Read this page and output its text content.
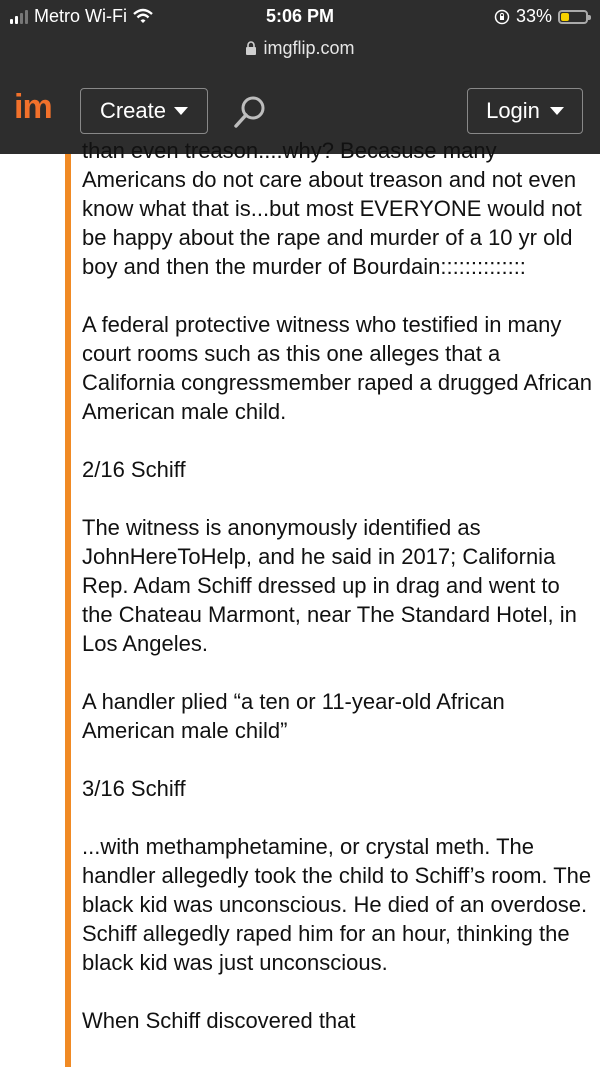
Metro Wi-Fi	5:06 PM	33%
imgflip.com
im Create	Login

than even treason....why? Becasuse many Americans do not care about treason and not even know what that is...but most EVERYONE would not be happy about the rape and murder of a 10 yr old boy and then the murder of Bourdain::::::::::::::

A federal protective witness who testified in many court rooms such as this one alleges that a California congressmember raped a drugged African American male child.

2/16 Schiff

The witness is anonymously identified as JohnHereToHelp, and he said in 2017; California Rep. Adam Schiff dressed up in drag and went to the Chateau Marmont, near The Standard Hotel, in Los Angeles.

A handler plied “a ten or 11-year-old African American male child”

3/16 Schiff

...with methamphetamine, or crystal meth. The handler allegedly took the child to Schiff’s room. The black kid was unconscious. He died of an overdose. Schiff allegedly raped him for an hour, thinking the black kid was just unconscious.

When Schiff discovered that
